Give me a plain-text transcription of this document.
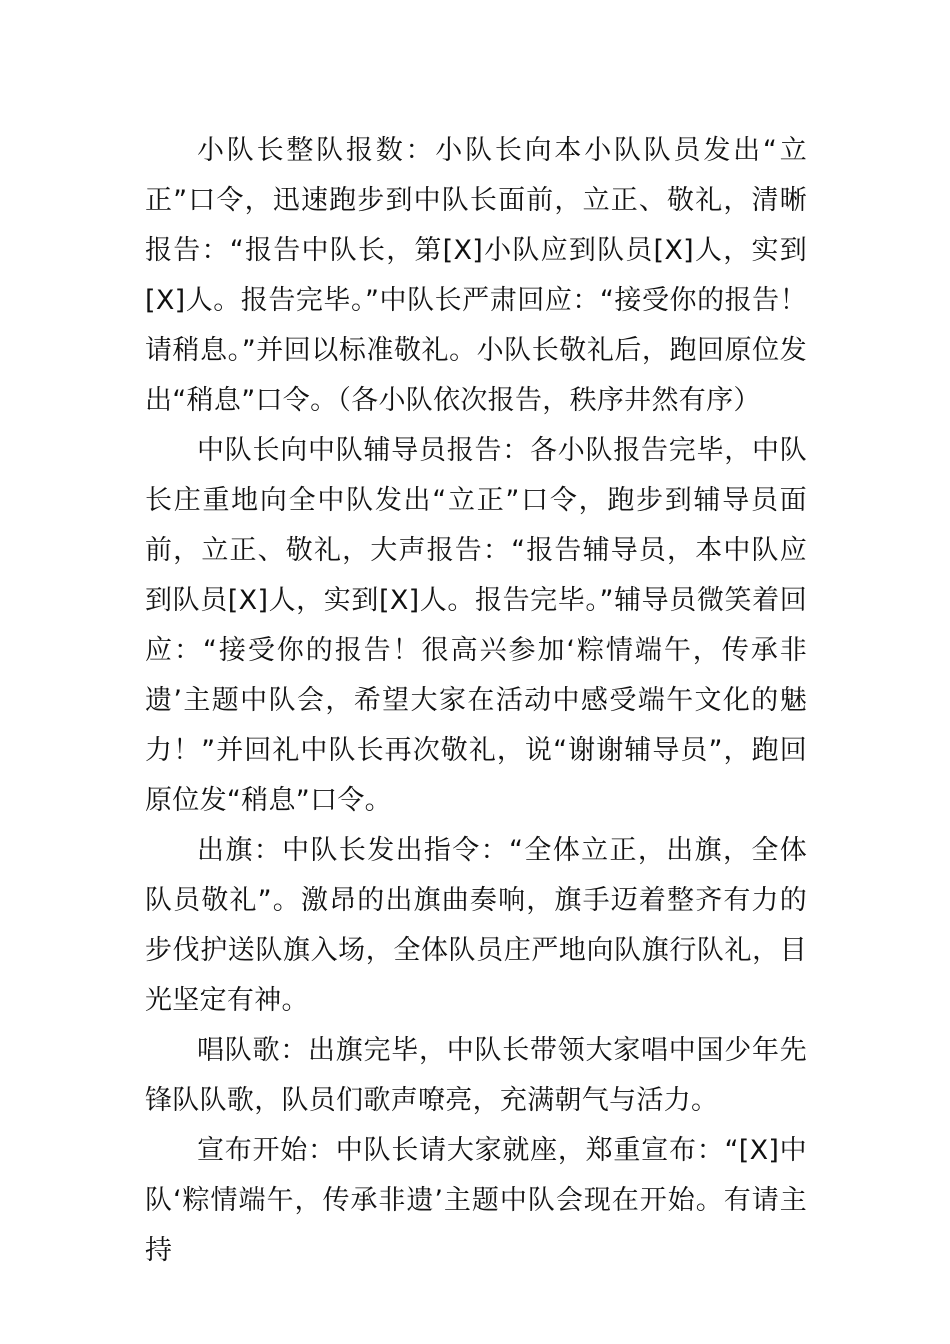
小队长整队报数：小队长向本小队队员发出“立正”口令，迅速跑步到中队长面前，立正、敬礼，清晰报告：“报告中队长，第[X]小队应到队员[X]人，实到[X]人。报告完毕。”中队长严肃回应：“接受你的报告！请稍息。”并回以标准敬礼。小队长敬礼后，跑回原位发出“稍息”口令。（各小队依次报告，秩序井然有序）

中队长向中队辅导员报告：各小队报告完毕，中队长庄重地向全中队发出“立正”口令，跑步到辅导员面前，立正、敬礼，大声报告：“报告辅导员，本中队应到队员[X]人，实到[X]人。报告完毕。”辅导员微笑着回应：“接受你的报告！很高兴参加‘粽情端午，传承非遗’主题中队会，希望大家在活动中感受端午文化的魅力！”并回礼中队长再次敬礼，说“谢谢辅导员”，跑回原位发“稍息”口令。

出旗：中队长发出指令：“全体立正，出旗，全体队员敬礼”。激昂的出旗曲奏响，旗手迈着整齐有力的步伐护送队旗入场，全体队员庄严地向队旗行队礼，目光坚定有神。

唱队歌：出旗完毕，中队长带领大家唱中国少年先锋队队歌，队员们歌声嘹亮，充满朝气与活力。

宣布开始：中队长请大家就座，郑重宣布：“[X]中队‘粽情端午，传承非遗’主题中队会现在开始。有请主持
